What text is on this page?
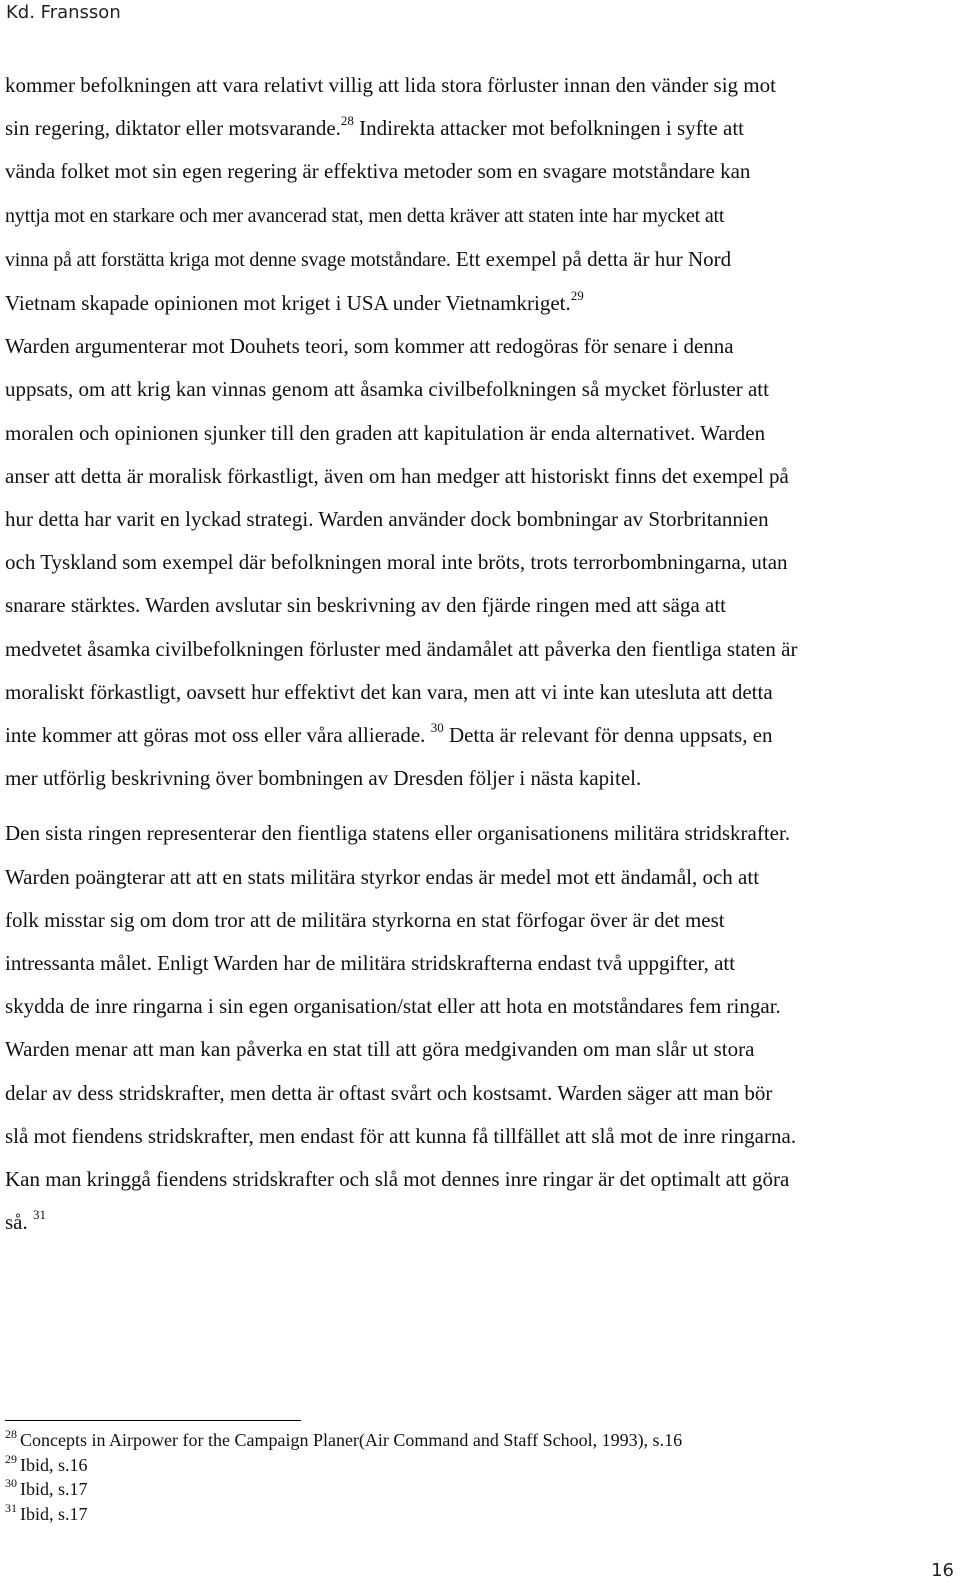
Kd. Fransson

kommer befolkningen att vara relativt villig att lida stora förluster innan den vänder sig mot
sin regering, diktator eller motsvarande.$^{28}$ Indirekta attacker mot befolkningen i syfte att
vända folket mot sin egen regering är effektiva metoder som en svagare motståndare kan
nyttja mot en starkare och mer avancerad stat, men detta kräver att staten inte har mycket att
vinna på att forstätta kriga mot denne svage motståndare. Ett exempel på detta är hur Nord
Vietnam skapade opinionen mot kriget i USA under Vietnamkriget.$^{29}$
Warden argumenterar mot Douhets teori, som kommer att redogöras för senare i denna
uppsats, om att krig kan vinnas genom att åsamka civilbefolkningen så mycket förluster att
moralen och opinionen sjunker till den graden att kapitulation är enda alternativet. Warden
anser att detta är moralisk förkastligt, även om han medger att historiskt finns det exempel på
hur detta har varit en lyckad strategi. Warden använder dock bombningar av Storbritannien
och Tyskland som exempel där befolkningen moral inte bröts, trots terrorbombningarna, utan
snarare stärktes. Warden avslutar sin beskrivning av den fjärde ringen med att säga att
medvetet åsamka civilbefolkningen förluster med ändamålet att påverka den fientliga staten är
moraliskt förkastligt, oavsett hur effektivt det kan vara, men att vi inte kan utesluta att detta
inte kommer att göras mot oss eller våra allierade. $^{30}$ Detta är relevant för denna uppsats, en
mer utförlig beskrivning över bombningen av Dresden följer i nästa kapitel.

Den sista ringen representerar den fientliga statens eller organisationens militära stridskrafter.
Warden poängterar att att en stats militära styrkor endas är medel mot ett ändamål, och att
folk misstar sig om dom tror att de militära styrkorna en stat förfogar över är det mest
intressanta målet. Enligt Warden har de militära stridskrafterna endast två uppgifter, att
skydda de inre ringarna i sin egen organisation/stat eller att hota en motståndares fem ringar.
Warden menar att man kan påverka en stat till att göra medgivanden om man slår ut stora
delar av dess stridskrafter, men detta är oftast svårt och kostsamt. Warden säger att man bör
slå mot fiendens stridskrafter, men endast för att kunna få tillfället att slå mot de inre ringarna.
Kan man kringgå fiendens stridskrafter och slå mot dennes inre ringar är det optimalt att göra
så. $^{31}$

$^{28}$ Concepts in Airpower for the Campaign Planer(Air Command and Staff School, 1993), s.16
$^{29}$ Ibid, s.16
$^{30}$ Ibid, s.17
$^{31}$ Ibid, s.17
16
